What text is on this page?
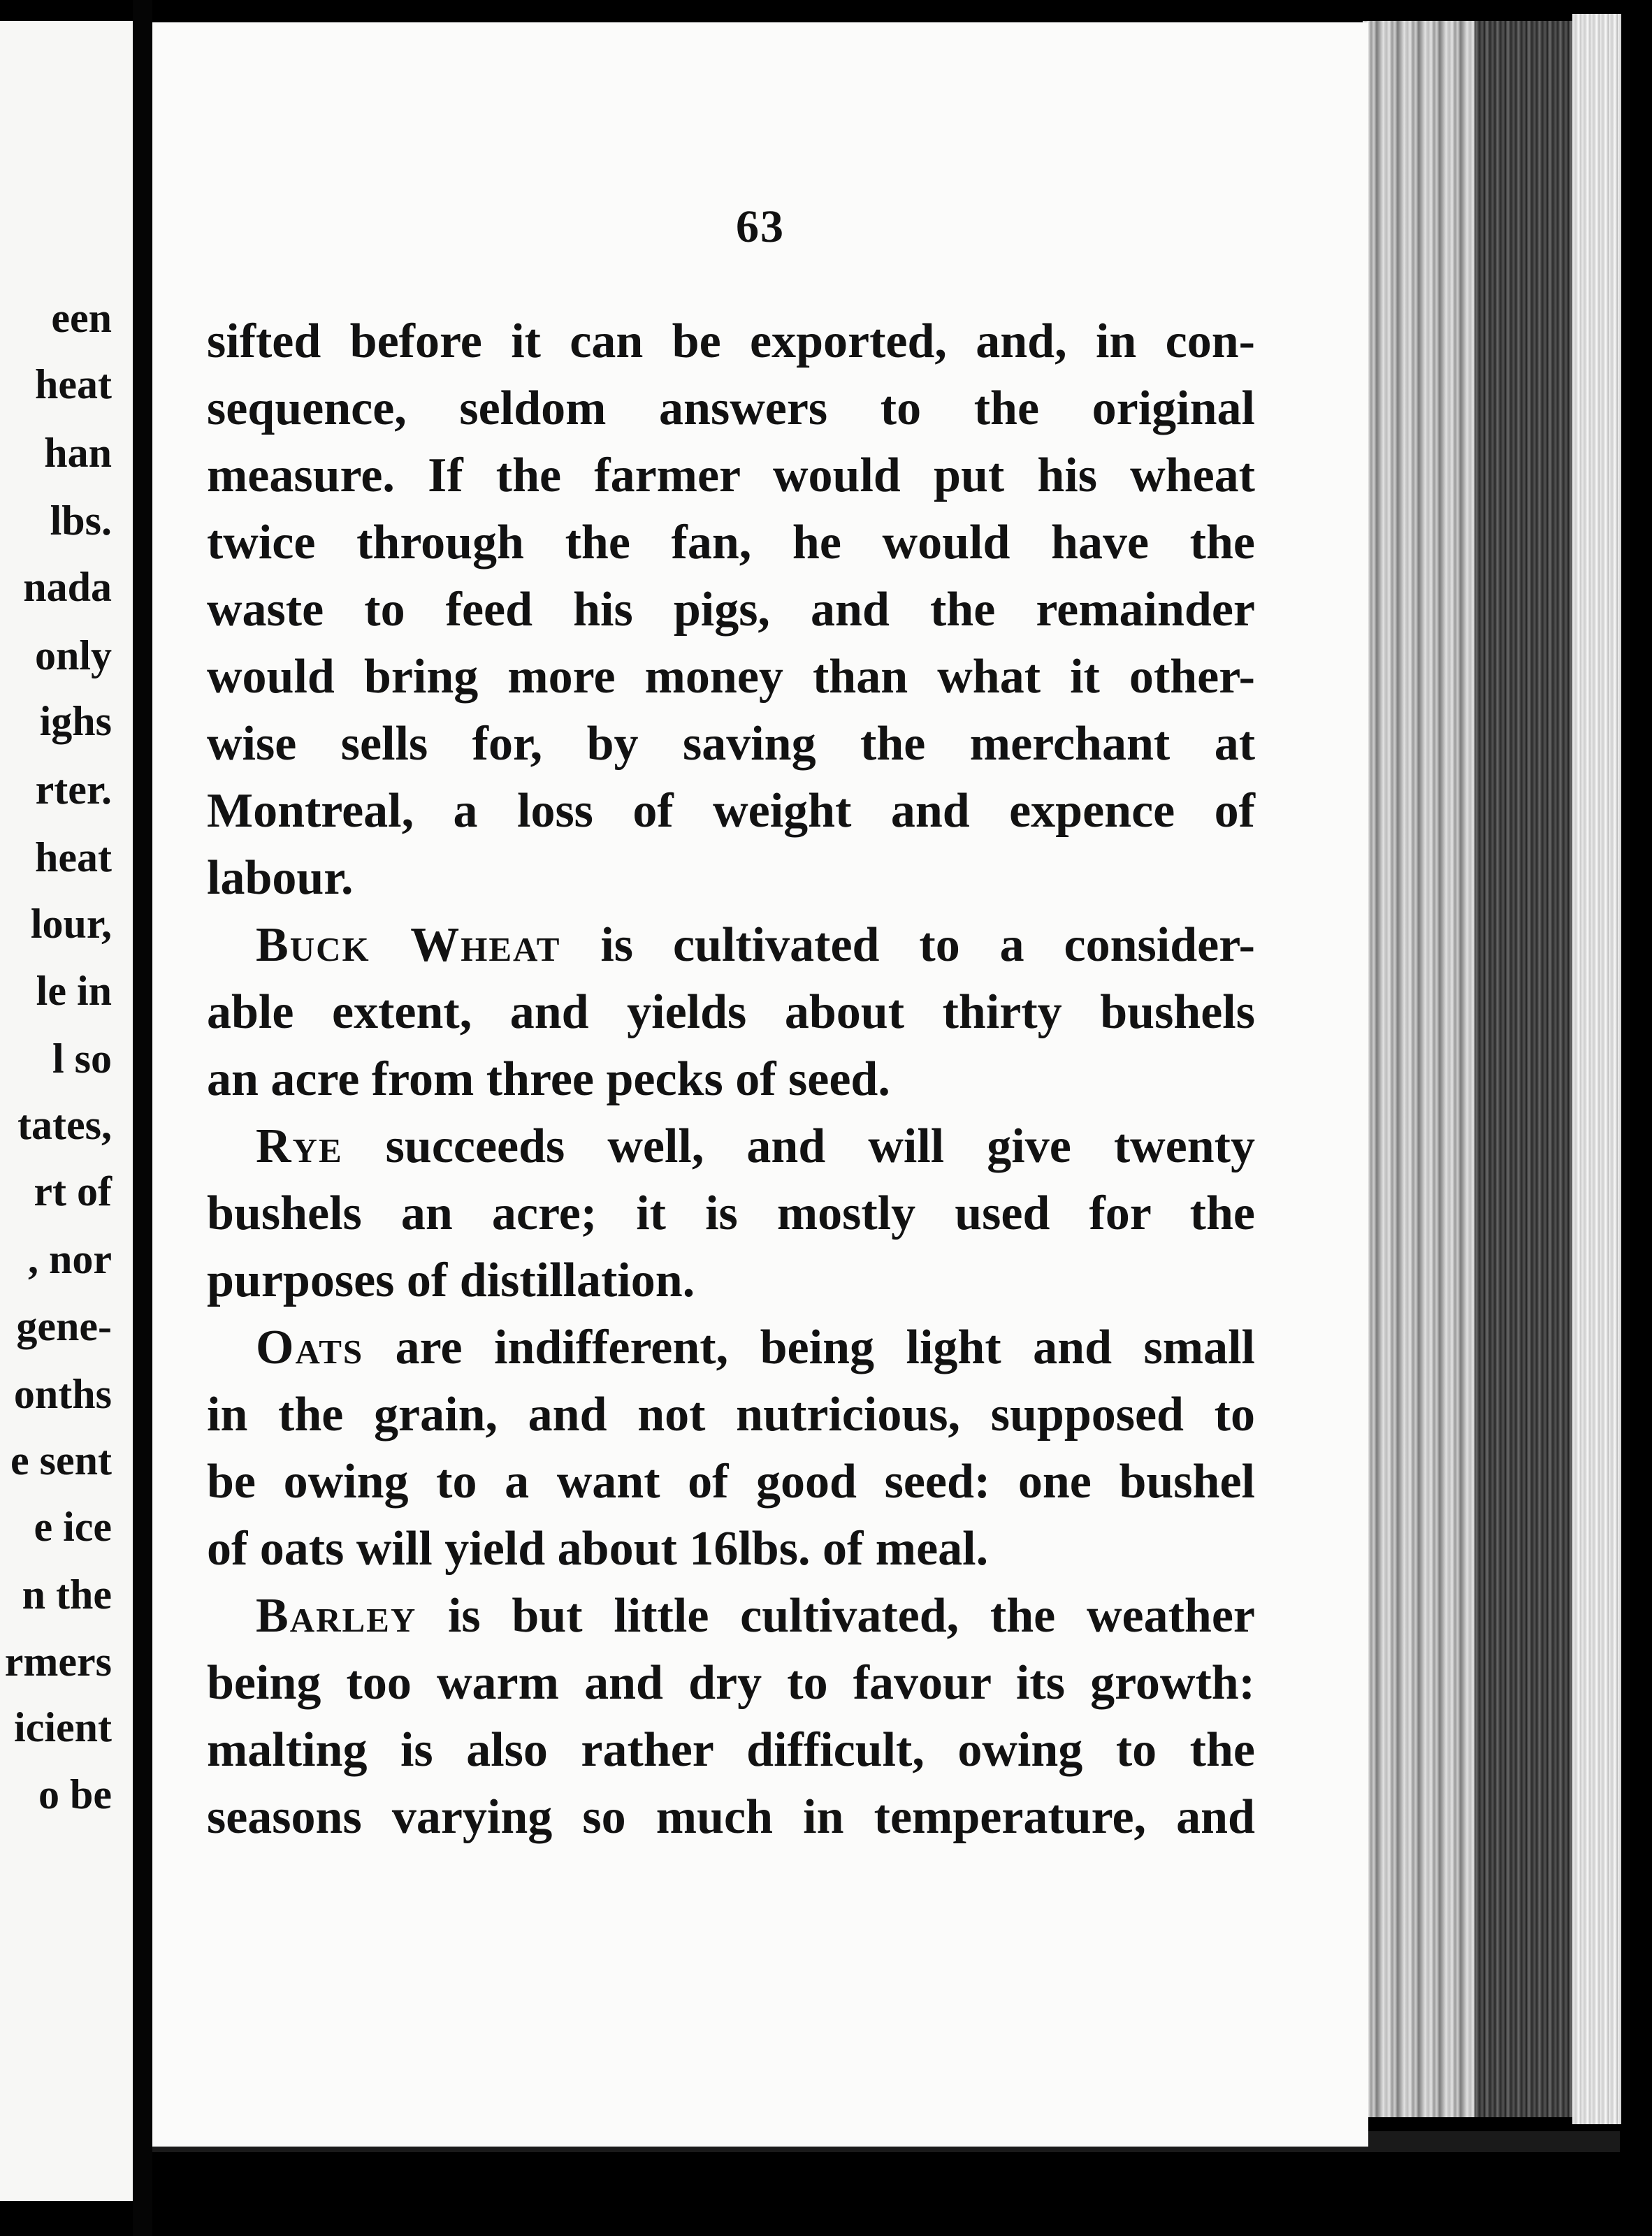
een
heat
han
lbs.
nada
only
ighs
rter.
heat
lour,
le in
l so
tates,
rt of
, nor
gene-
onths
e sent
e ice
n the
rmers
icient
o be
63
sifted before it can be exported, and, in con-
sequence, seldom answers to the original
measure. If the farmer would put his wheat
twice through the fan, he would have the
waste to feed his pigs, and the remainder
would bring more money than what it other-
wise sells for, by saving the merchant at
Montreal, a loss of weight and expence of
labour.
Buck Wheat is cultivated to a consider-
able extent, and yields about thirty bushels
an acre from three pecks of seed.
Rye succeeds well, and will give twenty
bushels an acre; it is mostly used for the
purposes of distillation.
Oats are indifferent, being light and small
in the grain, and not nutricious, supposed to
be owing to a want of good seed: one bushel
of oats will yield about 16lbs. of meal.
Barley is but little cultivated, the weather
being too warm and dry to favour its growth:
malting is also rather difficult, owing to the
seasons varying so much in temperature, and
